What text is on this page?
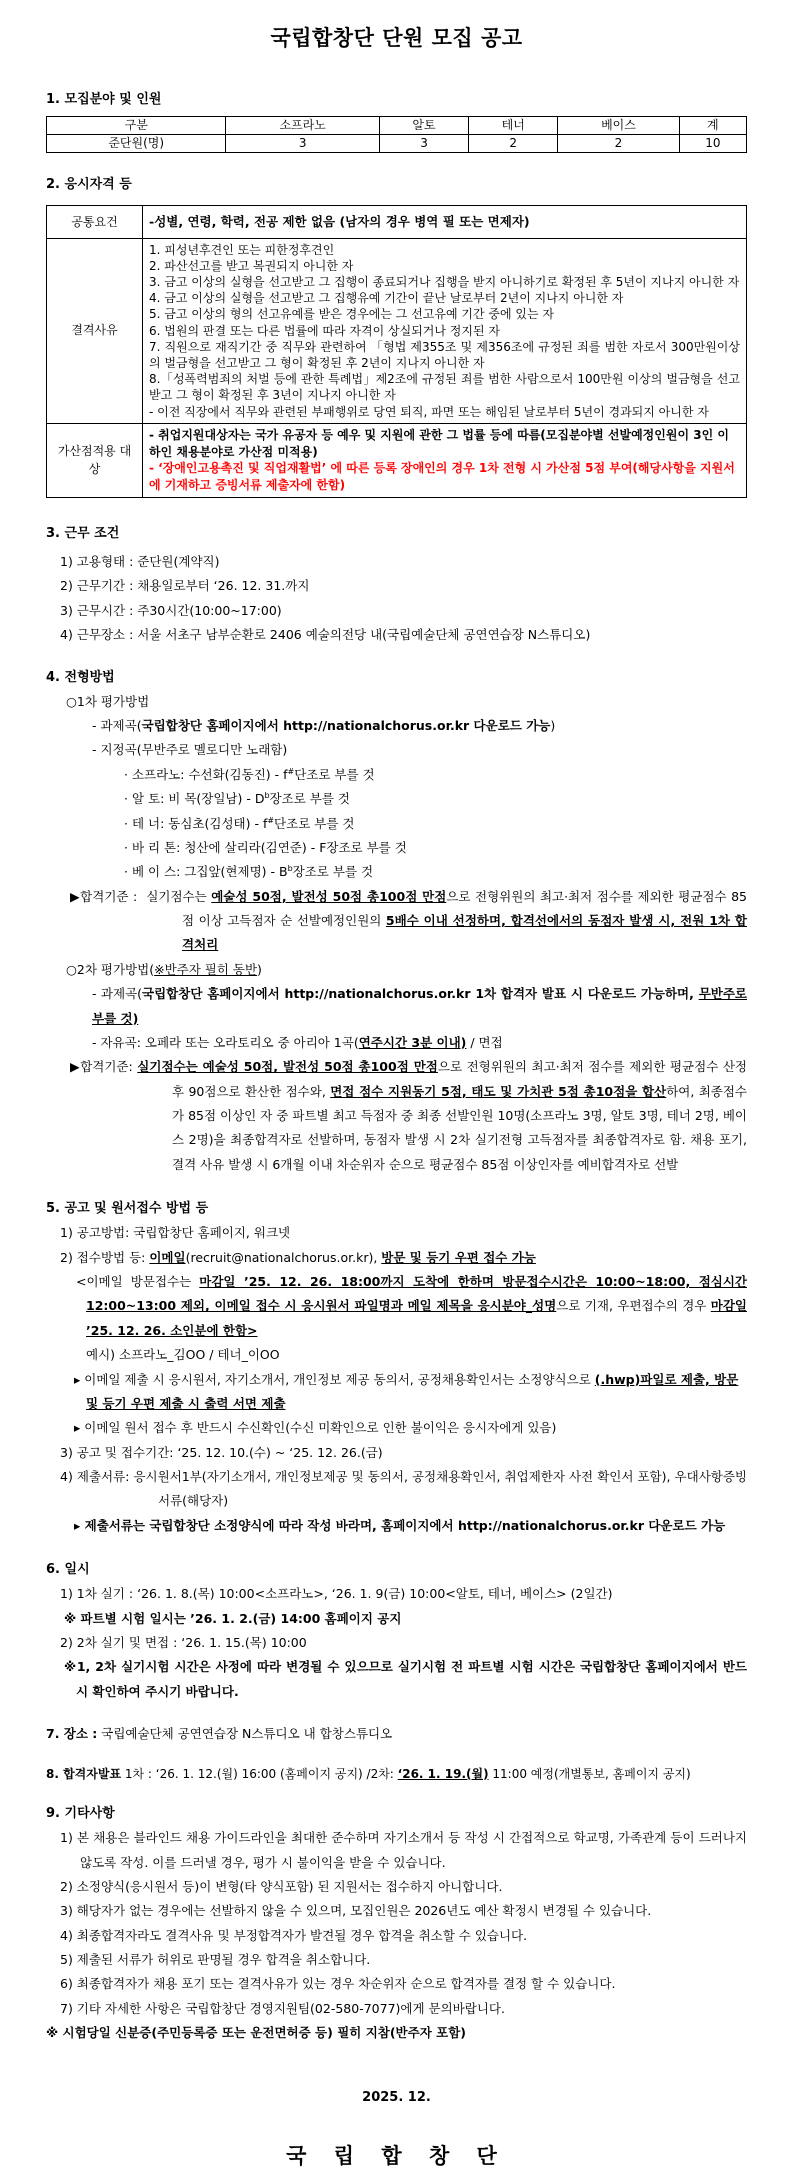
국립합창단 단원 모집 공고
1. 모집분야 및 인원
구분	소프라노	알토	테너	베이스	계
준단원(명)	3	3	2	2	10
2. 응시자격 등
공통요건	-성별, 연령, 학력, 전공 제한 없음 (남자의 경우 병역 필 또는 면제자)
결격사유	

1. 피성년후견인 또는 피한정후견인

2. 파산선고를 받고 복권되지 아니한 자

3. 금고 이상의 실형을 선고받고 그 집행이 종료되거나 집행을 받지 아니하기로 확정된 후 5년이 지나지 아니한 자

4. 금고 이상의 실형을 선고받고 그 집행유예 기간이 끝난 날로부터 2년이 지나지 아니한 자

5. 금고 이상의 형의 선고유예를 받은 경우에는 그 선고유예 기간 중에 있는 자

6. 법원의 판결 또는 다른 법률에 따라 자격이 상실되거나 정지된 자

7. 직원으로 재직기간 중 직무와 관련하여 「형법 제355조 및 제356조에 규정된 죄를 범한 자로서 300만원이상의 벌금형을 선고받고 그 형이 확정된 후 2년이 지나지 아니한 자

8.「성폭력범죄의 처벌 등에 관한 특례법」제2조에 규정된 죄를 범한 사람으로서 100만원 이상의 벌금형을 선고받고 그 형이 확정된 후 3년이 지나지 아니한 자

- 이전 직장에서 직무와 관련된 부패행위로 당연 퇴직, 파면 또는 해임된 날로부터 5년이 경과되지 아니한 자

가산점적용 대상	- 취업지원대상자는 국가 유공자 등 예우 및 지원에 관한 그 법률 등에 따름(모집분야별 선발예정인원이 3인 이하인 채용분야로 가산점 미적용)

- ‘장애인고용촉진 및 직업재활법’ 에 따른 등록 장애인의 경우 1차 전형 시 가산점 5점 부여(해당사항을 지원서에 기재하고 증빙서류 제출자에 한함)

3. 근무 조건

1) 고용형태 : 준단원(계약직)

2) 근무기간 : 채용일로부터 ‘26. 12. 31.까지

3) 근무시간 : 주30시간(10:00~17:00)

4) 근무장소 : 서울 서초구 남부순환로 2406 예술의전당 내(국립예술단체 공연연습장 N스튜디오)

4. 전형방법
○1차 평가방법
- 과제곡(국립합창단 홈페이지에서 http://nationalchorus.or.kr 다운로드 가능)
- 지정곡(무반주로 멜로디만 노래함)
· 소프라노: 수선화(김동진) - f#단조로 부를 것
· 알 토: 비 목(장일남) - $D^b$장조로 부를 것
· 테 너: 동심초(김성태) - f#단조로 부를 것
· 바 리 톤: 청산에 살리라(김연준) - F장조로 부를 것
· 베 이 스: 그집앞(현제명) - $B^b$장조로 부를 것
▶합격기준 : 실기점수는 예술성 50점, 발전성 50점 총100점 만점으로 전형위원의 최고·최저 점수를 제외한 평균점수 85점 이상 고득점자 순 선발예정인원의 5배수 이내 선정하며, 합격선에서의 동점자 발생 시, 전원 1차 합격처리
○2차 평가방법(※반주자 필히 동반)
- 과제곡(국립합창단 홈페이지에서 http://nationalchorus.or.kr 1차 합격자 발표 시 다운로드 가능하며, 무반주로 부를 것)
- 자유곡: 오페라 또는 오라토리오 중 아리아 1곡(연주시간 3분 이내) / 면접
▶합격기준: 실기점수는 예술성 50점, 발전성 50점 총100점 만점으로 전형위원의 최고·최저 점수를 제외한 평균점수 산정 후 90점으로 환산한 점수와, 면접 점수 지원동기 5점, 태도 및 가치관 5점 총10점을 합산하여, 최종점수가 85점 이상인 자 중 파트별 최고 득점자 중 최종 선발인원 10명(소프라노 3명, 알토 3명, 테너 2명, 베이스 2명)을 최종합격자로 선발하며, 동점자 발생 시 2차 실기전형 고득점자를 최종합격자로 함. 채용 포기, 결격 사유 발생 시 6개월 이내 차순위자 순으로 평균점수 85점 이상인자를 예비합격자로 선발
5. 공고 및 원서접수 방법 등
1) 공고방법: 국립합창단 홈페이지, 워크넷
2) 접수방법 등: 이메일(recruit@nationalchorus.or.kr), 방문 및 등기 우편 접수 가능
<이메일 방문접수는 마감일 ’25. 12. 26. 18:00까지 도착에 한하며 방문접수시간은 10:00~18:00, 점심시간 12:00~13:00 제외, 이메일 접수 시 응시원서 파일명과 메일 제목을 응시분야_성명으로 기재, 우편접수의 경우 마감일 ’25. 12. 26. 소인분에 한함>
예시) 소프라노_김OO / 테너_이OO
▸ 이메일 제출 시 응시원서, 자기소개서, 개인정보 제공 동의서, 공정채용확인서는 소정양식으로 (.hwp)파일로 제출, 방문 및 등기 우편 제출 시 출력 서면 제출
▸ 이메일 원서 접수 후 반드시 수신확인(수신 미확인으로 인한 불이익은 응시자에게 있음)
3) 공고 및 접수기간: ‘25. 12. 10.(수) ~ ‘25. 12. 26.(금)
4) 제출서류: 응시원서1부(자기소개서, 개인정보제공 및 동의서, 공정채용확인서, 취업제한자 사전 확인서 포함), 우대사항증빙서류(해당자)
▸ 제출서류는 국립합창단 소정양식에 따라 작성 바라며, 홈페이지에서 http://nationalchorus.or.kr 다운로드 가능
6. 일시
1) 1차 실기 : ‘26. 1. 8.(목) 10:00<소프라노>, ‘26. 1. 9(금) 10:00<알토, 테너, 베이스> (2일간)
※ 파트별 시험 일시는 ’26. 1. 2.(금) 14:00 홈페이지 공지
2) 2차 실기 및 면접 : ‘26. 1. 15.(목) 10:00
※1, 2차 실기시험 시간은 사정에 따라 변경될 수 있으므로 실기시험 전 파트별 시험 시간은 국립합창단 홈페이지에서 반드시 확인하여 주시기 바랍니다.
7. 장소 : 국립예술단체 공연연습장 N스튜디오 내 합창스튜디오
8. 합격자발표 1차 : ‘26. 1. 12.(월) 16:00 (홈페이지 공지) /2차: ‘26. 1. 19.(월) 11:00 예정(개별통보, 홈페이지 공지)
9. 기타사항
1) 본 채용은 블라인드 채용 가이드라인을 최대한 준수하며 자기소개서 등 작성 시 간접적으로 학교명, 가족관계 등이 드러나지 않도록 작성. 이를 드러낼 경우, 평가 시 불이익을 받을 수 있습니다.
2) 소정양식(응시원서 등)이 변형(타 양식포함) 된 지원서는 접수하지 아니합니다.
3) 해당자가 없는 경우에는 선발하지 않을 수 있으며, 모집인원은 2026년도 예산 확정시 변경될 수 있습니다.
4) 최종합격자라도 결격사유 및 부정합격자가 발견될 경우 합격을 취소할 수 있습니다.
5) 제출된 서류가 허위로 판명될 경우 합격을 취소합니다.
6) 최종합격자가 채용 포기 또는 결격사유가 있는 경우 차순위자 순으로 합격자를 결정 할 수 있습니다.
7) 기타 자세한 사항은 국립합창단 경영지원팀(02-580-7077)에게 문의바랍니다.
※ 시험당일 신분증(주민등록증 또는 운전면허증 등) 필히 지참(반주자 포함)
2025. 12.
국 립 합 창 단
